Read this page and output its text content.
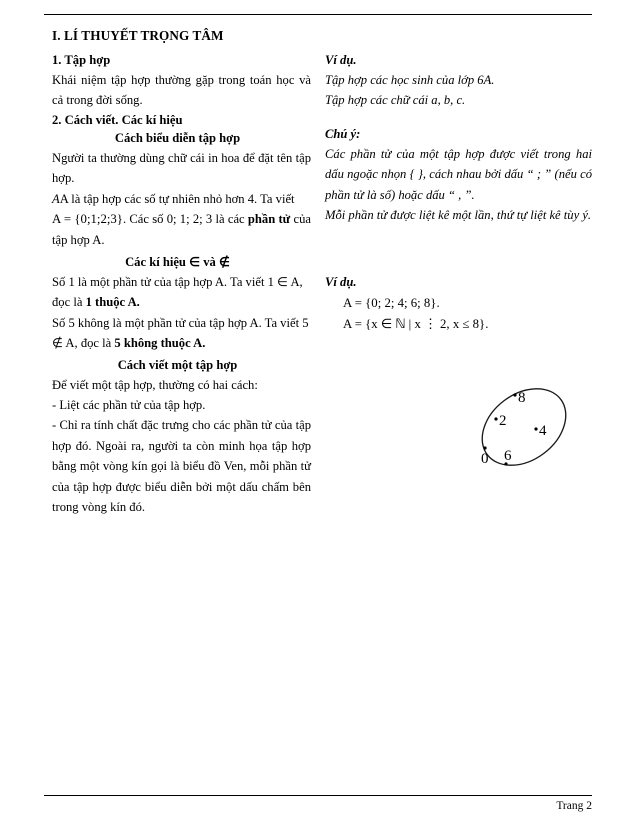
I. LÍ THUYẾT TRỌNG TÂM
1. Tập hợp
Khái niệm tập hợp thường gặp trong toán học và cả trong đời sống.
2. Cách viết. Các kí hiệu
Cách biểu diễn tập hợp
Người ta thường dùng chữ cái in hoa để đặt tên tập hợp.
AA là tập hợp các số tự nhiên nhỏ hơn 4. Ta viết
A = {0;1;2;3}. Các số 0; 1; 2; 3 là các phần tử của tập hợp A.
Các kí hiệu ∈ và ∉
Số 1 là một phần tử của tập hợp A. Ta viết 1 ∈ A, đọc là 1 thuộc A.
Số 5 không là một phần tử của tập hợp A. Ta viết 5 ∉ A, đọc là 5 không thuộc A.
Cách viết một tập hợp
Để viết một tập hợp, thường có hai cách:
- Liệt các phần tử của tập hợp.
- Chỉ ra tính chất đặc trưng cho các phần tử của tập hợp đó. Ngoài ra, người ta còn minh họa tập hợp bằng một vòng kín gọi là biểu đồ Ven, mỗi phần tử của tập hợp được biểu diễn bởi một dấu chấm bên trong vòng kín đó.
Ví dụ.
Tập hợp các học sinh của lớp 6A.
Tập hợp các chữ cái a, b, c.
Chú ý:
Các phần tử của một tập hợp được viết trong hai dấu ngoặc nhọn { }, cách nhau bởi dấu “ ; ” (nếu có phần tử là số) hoặc dấu “ , ”.
Mỗi phần tử được liệt kê một lần, thứ tự liệt kê tùy ý.
Ví dụ.
A = {0; 2; 4; 6; 8}.
A = {x ∈ ℕ | x ⋮ 2, x ≤ 8}.
8
2
4
0 6
Trang 2
